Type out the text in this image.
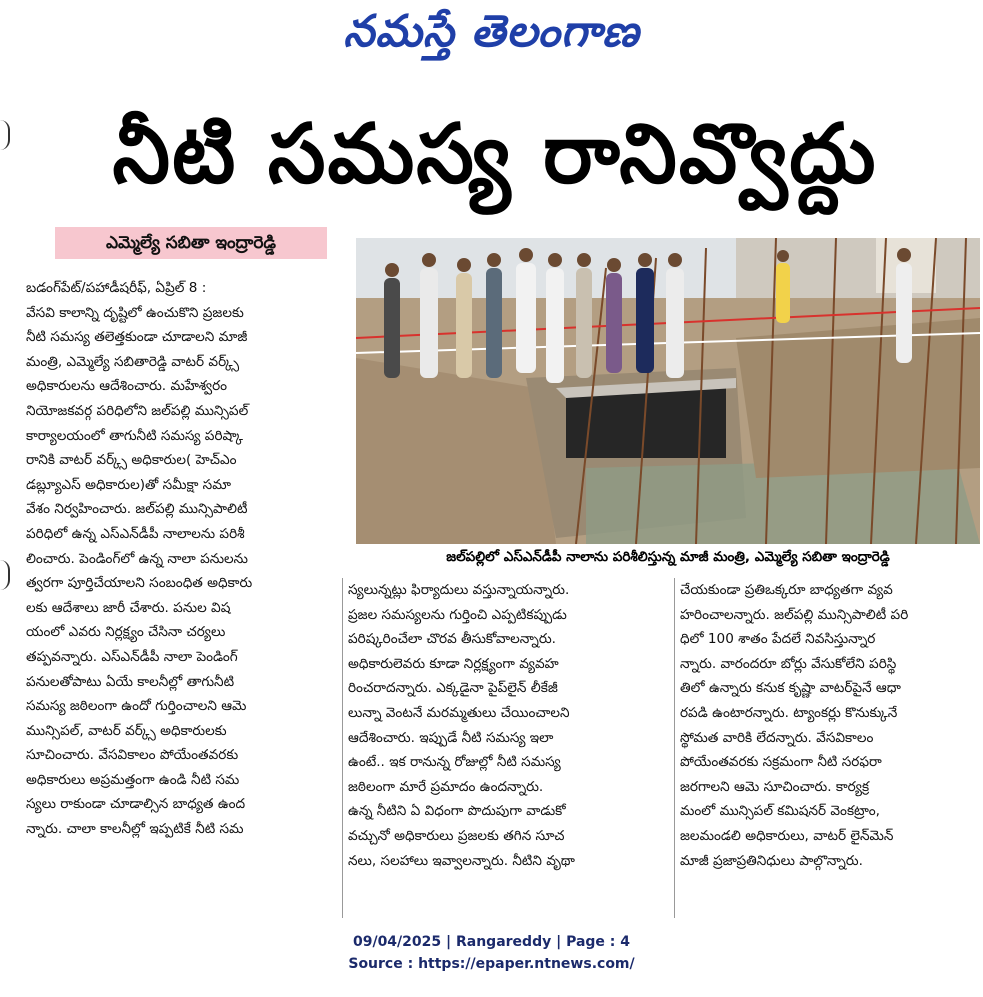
నమస్తే తెలంగాణ
నీటి సమస్య రానివ్వొద్దు
ఎమ్మెల్యే సబితా ఇంద్రారెడ్డి
జల్‌పల్లిలో ఎస్‌ఎన్‌డీపీ నాలాను పరిశీలిస్తున్న మాజీ మంత్రి, ఎమ్మెల్యే సబితా ఇంద్రారెడ్డి
బడంగ్‌పేట్/పహాడీషరీఫ్, ఏప్రిల్ 8 :
వేసవి కాలాన్ని దృష్టిలో ఉంచుకొని ప్రజలకు
నీటి సమస్య తలెత్తకుండా చూడాలని మాజీ
మంత్రి, ఎమ్మెల్యే సబితారెడ్డి వాటర్ వర్క్స్
అధికారులను ఆదేశించారు. మహేశ్వరం
నియోజకవర్గ పరిధిలోని జల్‌పల్లి మున్సిపల్
కార్యాలయంలో తాగునీటి సమస్య పరిష్కా
రానికి వాటర్ వర్క్స్ అధికారుల( హెచ్‌ఎం
డబ్ల్యూఎస్ అధికారుల)తో సమీక్షా సమా
వేశం నిర్వహించారు. జల్‌పల్లి మున్సిపాలిటీ
పరిధిలో ఉన్న ఎస్‌ఎన్‌డీపీ నాలాలను పరిశీ
లించారు. పెండింగ్‌లో ఉన్న నాలా పనులను
త్వరగా పూర్తిచేయాలని సంబంధిత అధికారు
లకు ఆదేశాలు జారీ చేశారు. పనుల విష
యంలో ఎవరు నిర్లక్ష్యం చేసినా చర్యలు
తప్పవన్నారు. ఎస్‌ఎన్‌డీపీ నాలా పెండింగ్
పనులతోపాటు ఏయే కాలనీల్లో తాగునీటి
సమస్య జఠిలంగా ఉందో గుర్తించాలని ఆమె
మున్సిపల్, వాటర్ వర్క్స్ అధికారులకు
సూచించారు. వేసవికాలం పోయేంతవరకు
అధికారులు అప్రమత్తంగా ఉండి నీటి సమ
స్యలు రాకుండా చూడాల్సిన బాధ్యత ఉంద
న్నారు. చాలా కాలనీల్లో ఇప్పటికే నీటి సమ
స్యలున్నట్లు ఫిర్యాదులు వస్తున్నాయన్నారు.
ప్రజల సమస్యలను గుర్తించి ఎప్పటికప్పుడు
పరిష్కరించేలా చొరవ తీసుకోవాలన్నారు.
అధికారులెవరు కూడా నిర్లక్ష్యంగా వ్యవహ
రించరాదన్నారు. ఎక్కడైనా పైప్‌లైన్ లీకేజీ
లున్నా వెంటనే మరమ్మతులు చేయించాలని
ఆదేశించారు. ఇప్పుడే నీటి సమస్య ఇలా
ఉంటే.. ఇక రానున్న రోజుల్లో నీటి సమస్య
జఠిలంగా మారే ప్రమాదం ఉందన్నారు.
ఉన్న నీటిని ఏ విధంగా పొదుపుగా వాడుకో
వచ్చునో అధికారులు ప్రజలకు తగిన సూచ
నలు, సలహాలు ఇవ్వాలన్నారు. నీటిని వృథా
చేయకుండా ప్రతిఒక్కరూ బాధ్యతగా వ్యవ
హరించాలన్నారు. జల్‌పల్లి మున్సిపాలిటీ పరి
ధిలో 100 శాతం పేదలే నివసిస్తున్నార
న్నారు. వారందరూ బోర్లు వేసుకోలేని పరిస్థి
తిలో ఉన్నారు కనుక కృష్ణా వాటర్‌పైనే ఆధా
రపడి ఉంటారన్నారు. ట్యాంకర్లు కొనుక్కునే
స్థోమత వారికి లేదన్నారు. వేసవికాలం
పోయేంతవరకు సక్రమంగా నీటి సరఫరా
జరగాలని ఆమె సూచించారు. కార్యక్ర
మంలో మున్సిపల్ కమిషనర్ వెంకట్రాం,
జలమండలి అధికారులు, వాటర్ లైన్‌మెన్
మాజీ ప్రజాప్రతినిధులు పాల్గొన్నారు.
09/04/2025 | Rangareddy | Page : 4
Source : https://epaper.ntnews.com/
